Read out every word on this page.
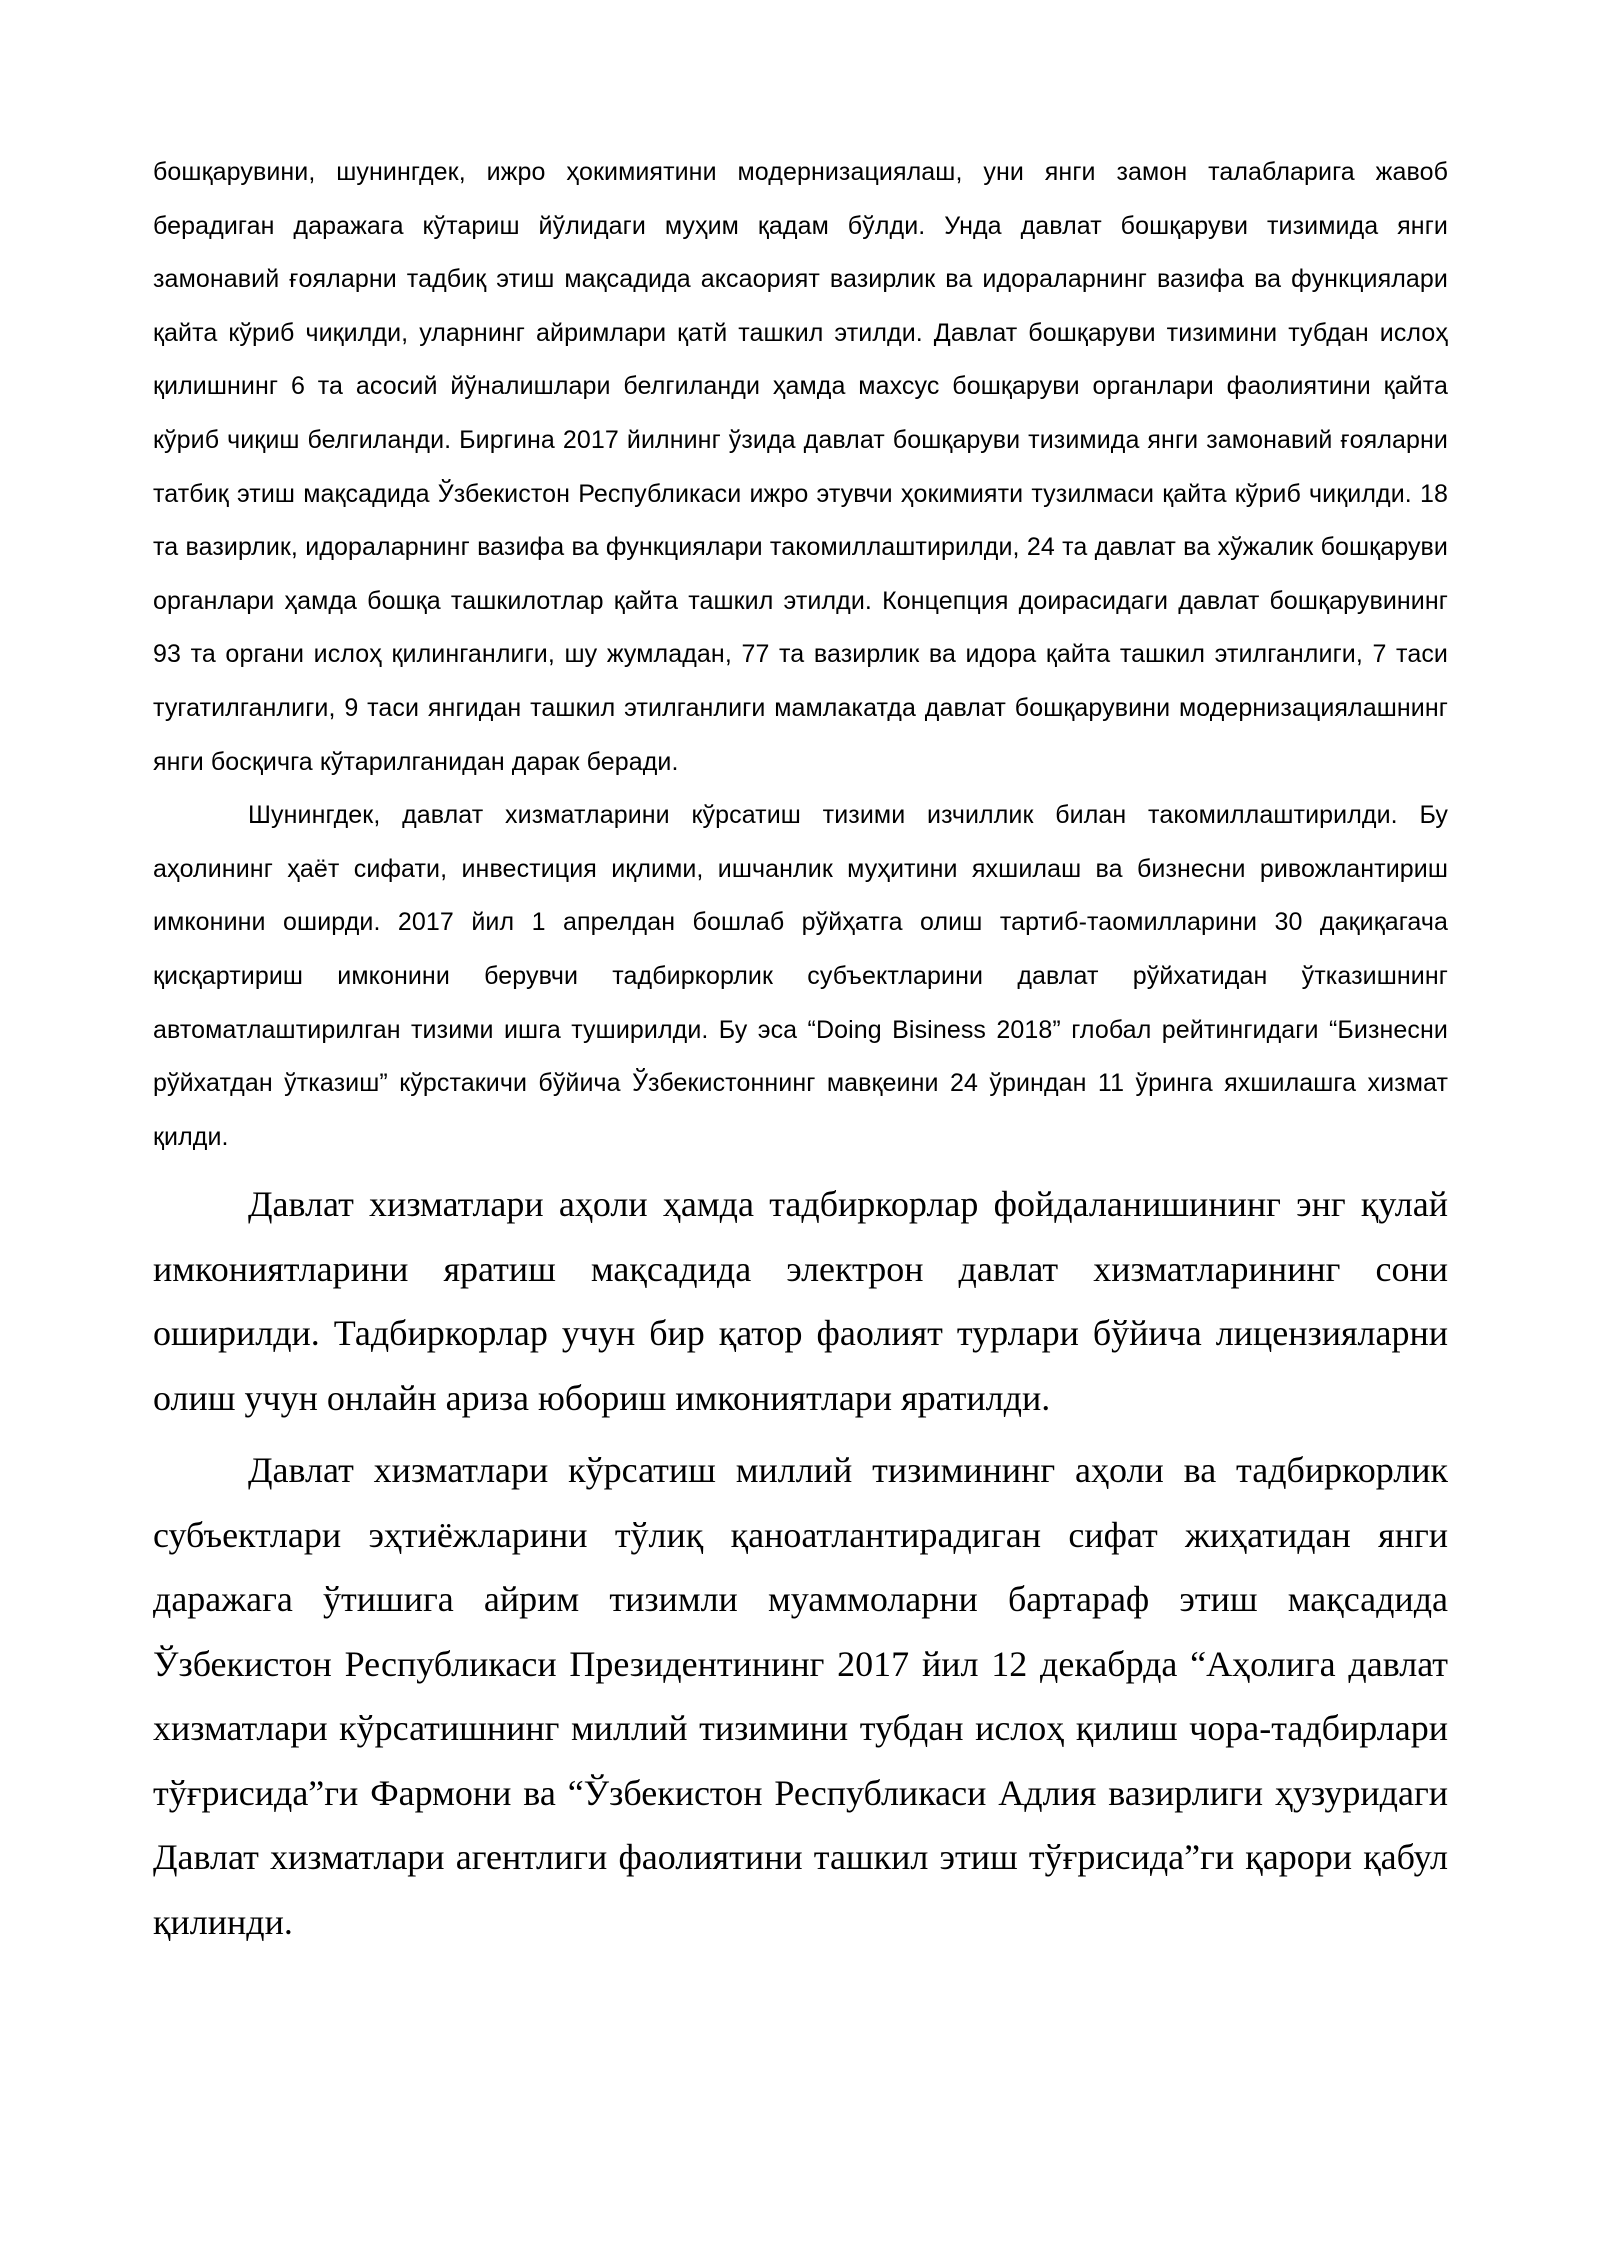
бошқарувини, шунингдек, ижро ҳокимиятини модернизациялаш, уни янги замон талабларига жавоб берадиган даражага кўтариш йўлидаги муҳим қадам бўлди. Унда давлат бошқаруви тизимида янги замонавий ғояларни тадбиқ этиш мақсадида аксаорият вазирлик ва идораларнинг вазифа ва функциялари қайта кўриб чиқилди, уларнинг айримлари қатй ташкил этилди. Давлат бошқаруви тизимини тубдан ислоҳ қилишнинг 6 та асосий йўналишлари белгиланди ҳамда махсус бошқаруви органлари фаолиятини қайта кўриб чиқиш белгиланди. Биргина 2017 йилнинг ўзида давлат бошқаруви тизимида янги замонавий ғояларни татбиқ этиш мақсадида Ўзбекистон Республикаси ижро этувчи ҳокимияти тузилмаси қайта кўриб чиқилди. 18 та вазирлик, идораларнинг вазифа ва функциялари такомиллаштирилди, 24 та давлат ва хўжалик бошқаруви органлари ҳамда бошқа ташкилотлар қайта ташкил этилди. Концепция доирасидаги давлат бошқарувининг 93 та органи ислоҳ қилинганлиги, шу жумладан, 77 та вазирлик ва идора қайта ташкил этилганлиги, 7 таси тугатилганлиги, 9 таси янгидан ташкил этилганлиги мамлакатда давлат бошқарувини модернизациялашнинг янги босқичга кўтарилганидан дарак беради.

Шунингдек, давлат хизматларини кўрсатиш тизими изчиллик билан такомиллаштирилди. Бу аҳолининг ҳаёт сифати, инвестиция иқлими, ишчанлик муҳитини яхшилаш ва бизнесни ривожлантириш имконини оширди. 2017 йил 1 апрелдан бошлаб рўйҳатга олиш тартиб-таомилларини 30 дақиқагача қисқартириш имконини берувчи тадбиркорлик субъектларини давлат рўйхатидан ўтказишнинг автоматлаштирилган тизими ишга туширилди. Бу эса “Doing Bisiness 2018” глобал рейтингидаги “Бизнесни рўйхатдан ўтказиш” кўрстакичи бўйича Ўзбекистоннинг мавқеини 24 ўриндан 11 ўринга яхшилашга хизмат қилди.

Давлат хизматлари аҳоли ҳамда тадбиркорлар фойдаланишининг энг қулай имкониятларини яратиш мақсадида электрон давлат хизматларининг сони оширилди. Тадбиркорлар учун бир қатор фаолият турлари бўйича лицензияларни олиш учун онлайн ариза юбориш имкониятлари яратилди.

Давлат хизматлари кўрсатиш миллий тизимининг аҳоли ва тадбиркорлик субъектлари эҳтиёжларини тўлиқ қаноатлантирадиган сифат жиҳатидан янги даражага ўтишига айрим тизимли муаммоларни бартараф этиш мақсадида Ўзбекистон Республикаси Президентининг 2017 йил 12 декабрда “Аҳолига давлат хизматлари кўрсатишнинг миллий тизимини тубдан ислоҳ қилиш чора-тадбирлари тўғрисида”ги Фармони ва “Ўзбекистон Республикаси Адлия вазирлиги ҳузуридаги Давлат хизматлари агентлиги фаолиятини ташкил этиш тўғрисида”ги қарори қабул қилинди.
